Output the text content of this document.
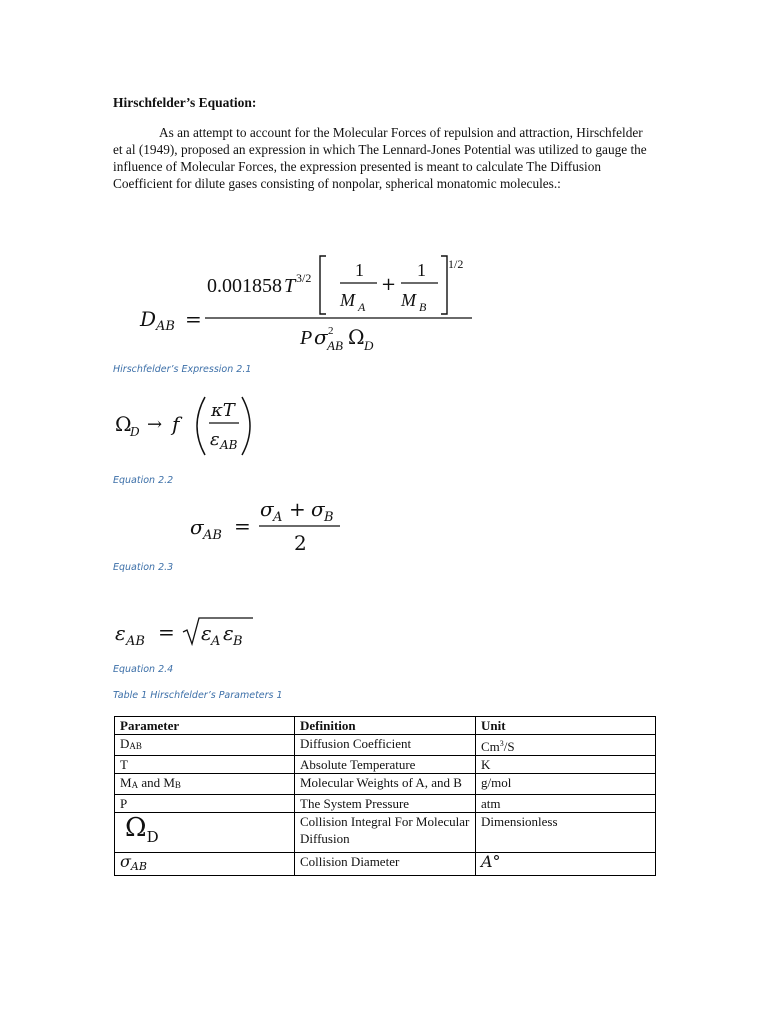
Hirschfelder’s Equation:
As an attempt to account for the Molecular Forces of repulsion and attraction, Hirschfelder et al (1949), proposed an expression in which The Lennard-Jones Potential was utilized to gauge the influence of Molecular Forces, the expression presented is meant to calculate The Diffusion Coefficient for dilute gases consisting of nonpolar, spherical monatomic molecules.:
D AB =
0.001858 T 3/2 1
M A
+
1
M B
1/2
P σ 2
AB Ω D
Hirschfelder’s Expression 2.1
Ω
D → f
κT
ε AB
Equation 2.2
σ AB =
σ A + σ B
2
Equation 2.3
ε AB = ε A ε B
Equation 2.4
Table 1 Hirschfelder’s Parameters 1
Parameter	Definition	Unit
DAB	Diffusion Coefficient	Cm$^3$/S
T	Absolute Temperature	K
MA and MB	Molecular Weights of A, and B	g/mol
P	The System Pressure	atm
$\Omega_D$	Collision Integral For Molecular Diffusion	Dimensionless
σAB	Collision Diameter	A°
